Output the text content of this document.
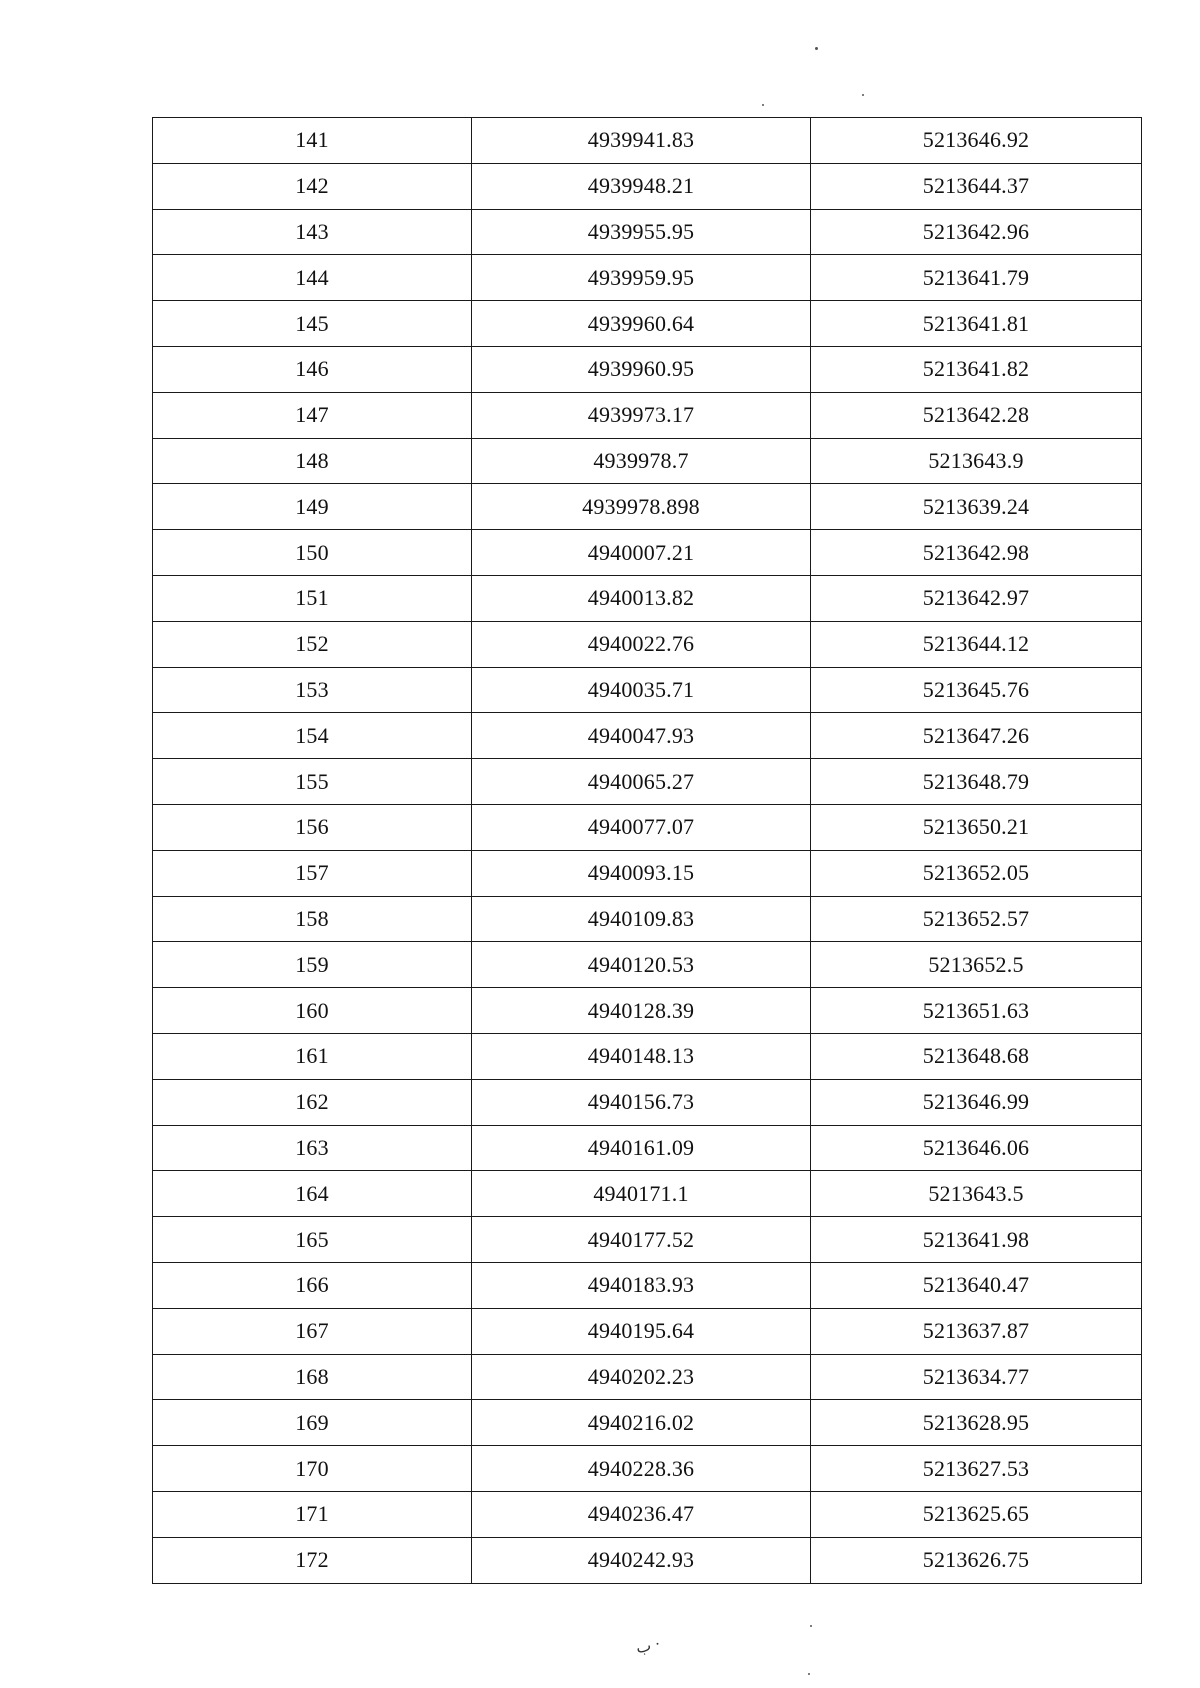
141	4939941.83	5213646.92
142	4939948.21	5213644.37
143	4939955.95	5213642.96
144	4939959.95	5213641.79
145	4939960.64	5213641.81
146	4939960.95	5213641.82
147	4939973.17	5213642.28
148	4939978.7	5213643.9
149	4939978.898	5213639.24
150	4940007.21	5213642.98
151	4940013.82	5213642.97
152	4940022.76	5213644.12
153	4940035.71	5213645.76
154	4940047.93	5213647.26
155	4940065.27	5213648.79
156	4940077.07	5213650.21
157	4940093.15	5213652.05
158	4940109.83	5213652.57
159	4940120.53	5213652.5
160	4940128.39	5213651.63
161	4940148.13	5213648.68
162	4940156.73	5213646.99
163	4940161.09	5213646.06
164	4940171.1	5213643.5
165	4940177.52	5213641.98
166	4940183.93	5213640.47
167	4940195.64	5213637.87
168	4940202.23	5213634.77
169	4940216.02	5213628.95
170	4940228.36	5213627.53
171	4940236.47	5213625.65
172	4940242.93	5213626.75
ب ·
